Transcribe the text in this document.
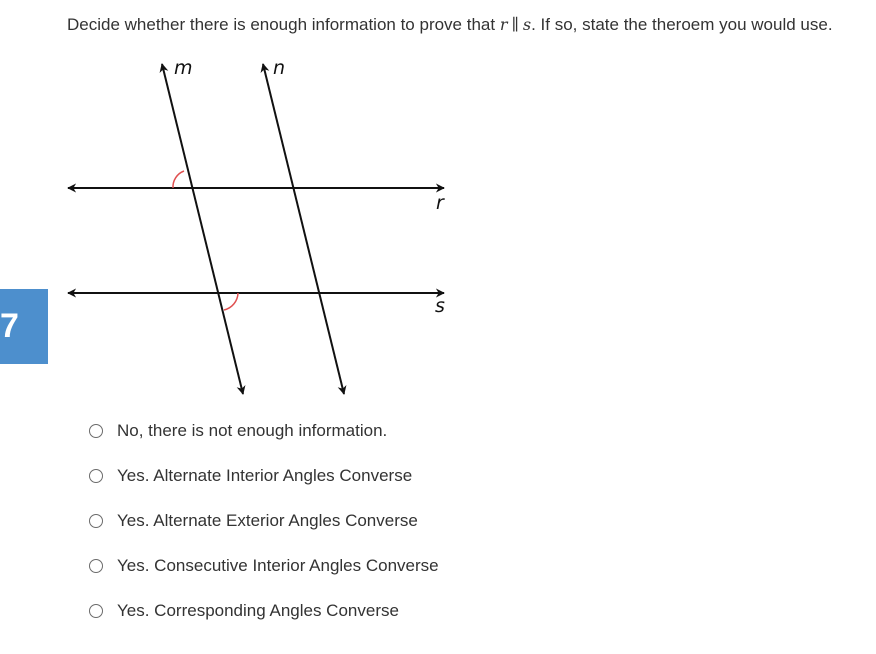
7
Decide whether there is enough information to prove that r ∥ s. If so, state the theroem you would use.
m	n
r
s
No, there is not enough information.
Yes. Alternate Interior Angles Converse
Yes. Alternate Exterior Angles Converse
Yes. Consecutive Interior Angles Converse
Yes. Corresponding Angles Converse
